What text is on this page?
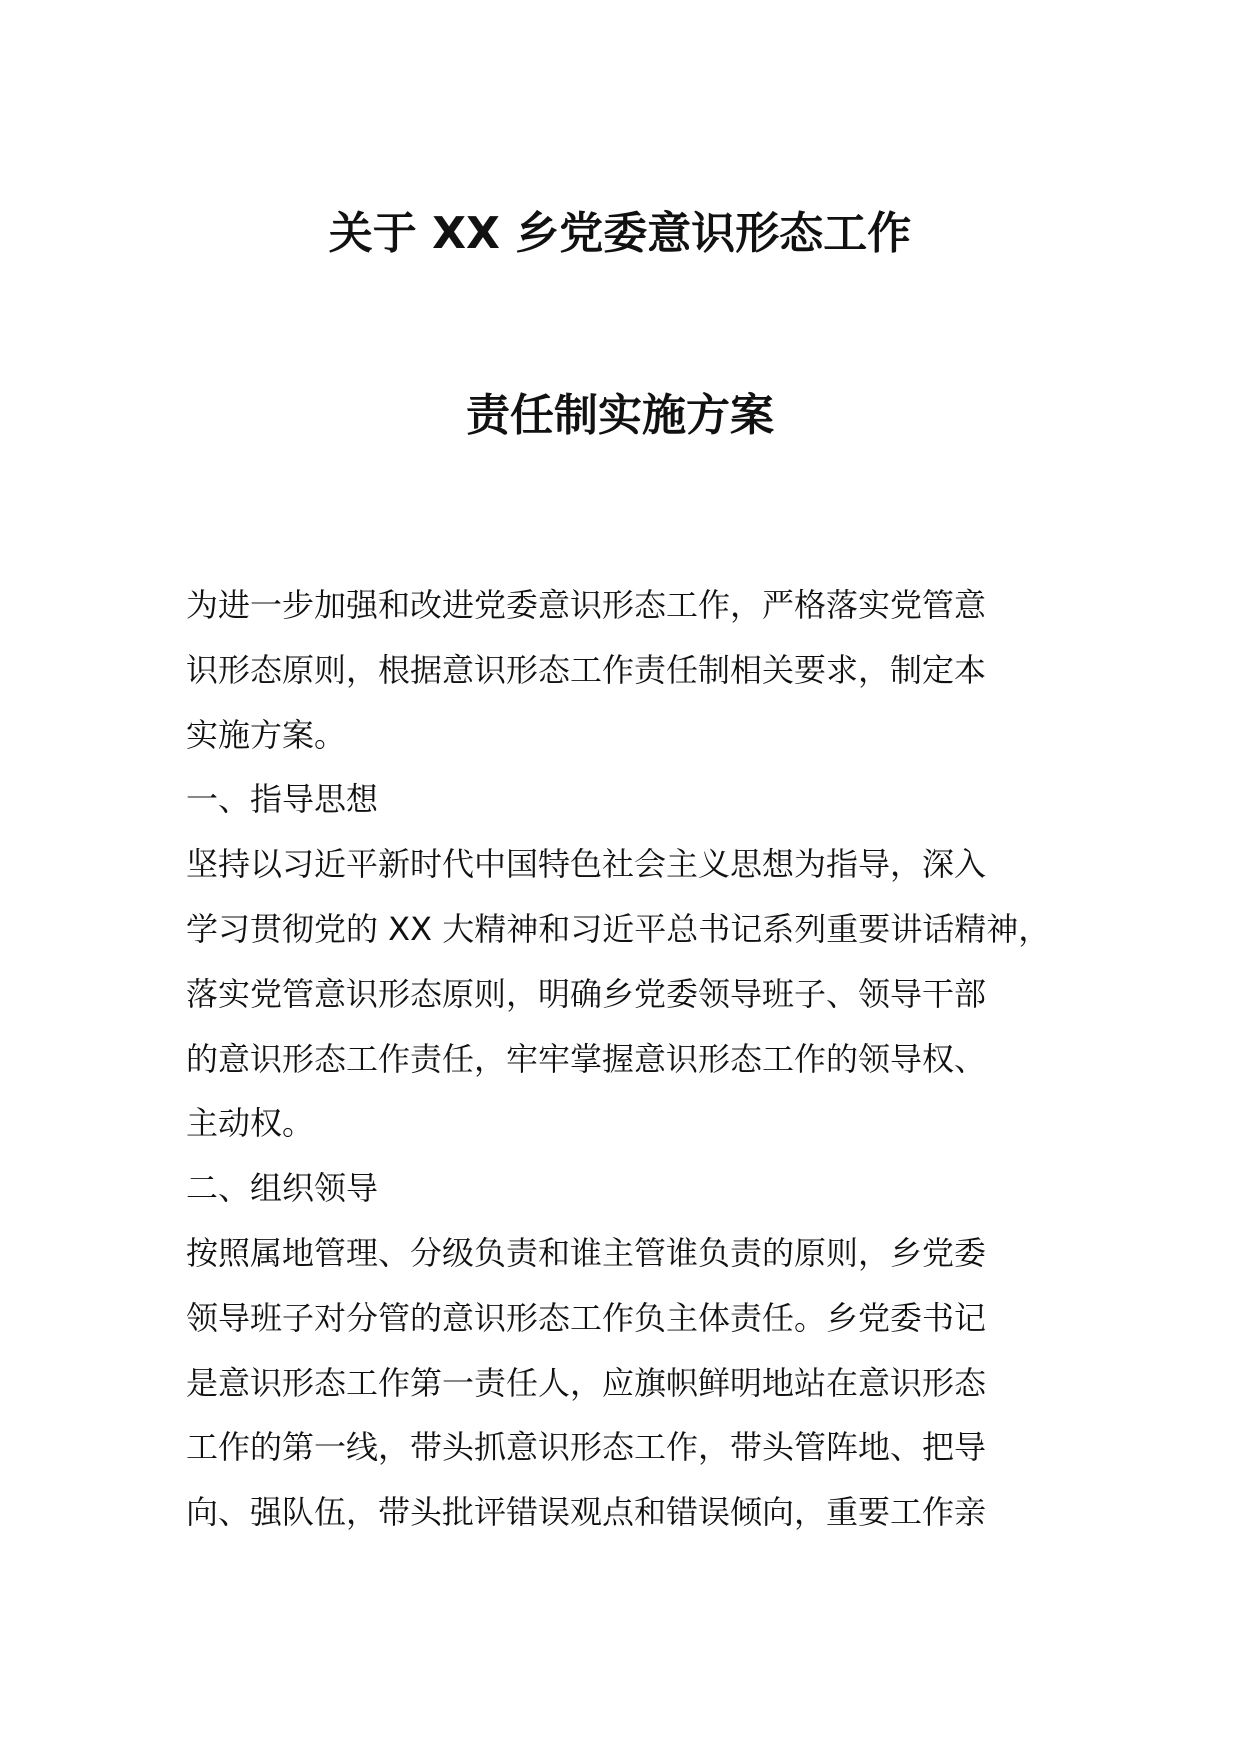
关于 XX 乡党委意识形态工作
责任制实施方案
为进一步加强和改进党委意识形态工作，严格落实党管意
识形态原则，根据意识形态工作责任制相关要求，制定本
实施方案。
一、指导思想
坚持以习近平新时代中国特色社会主义思想为指导，深入
学习贯彻党的 XX 大精神和习近平总书记系列重要讲话精神，
落实党管意识形态原则，明确乡党委领导班子、领导干部
的意识形态工作责任，牢牢掌握意识形态工作的领导权、
主动权。
二、组织领导
按照属地管理、分级负责和谁主管谁负责的原则，乡党委
领导班子对分管的意识形态工作负主体责任。乡党委书记
是意识形态工作第一责任人，应旗帜鲜明地站在意识形态
工作的第一线，带头抓意识形态工作，带头管阵地、把导
向、强队伍，带头批评错误观点和错误倾向，重要工作亲
